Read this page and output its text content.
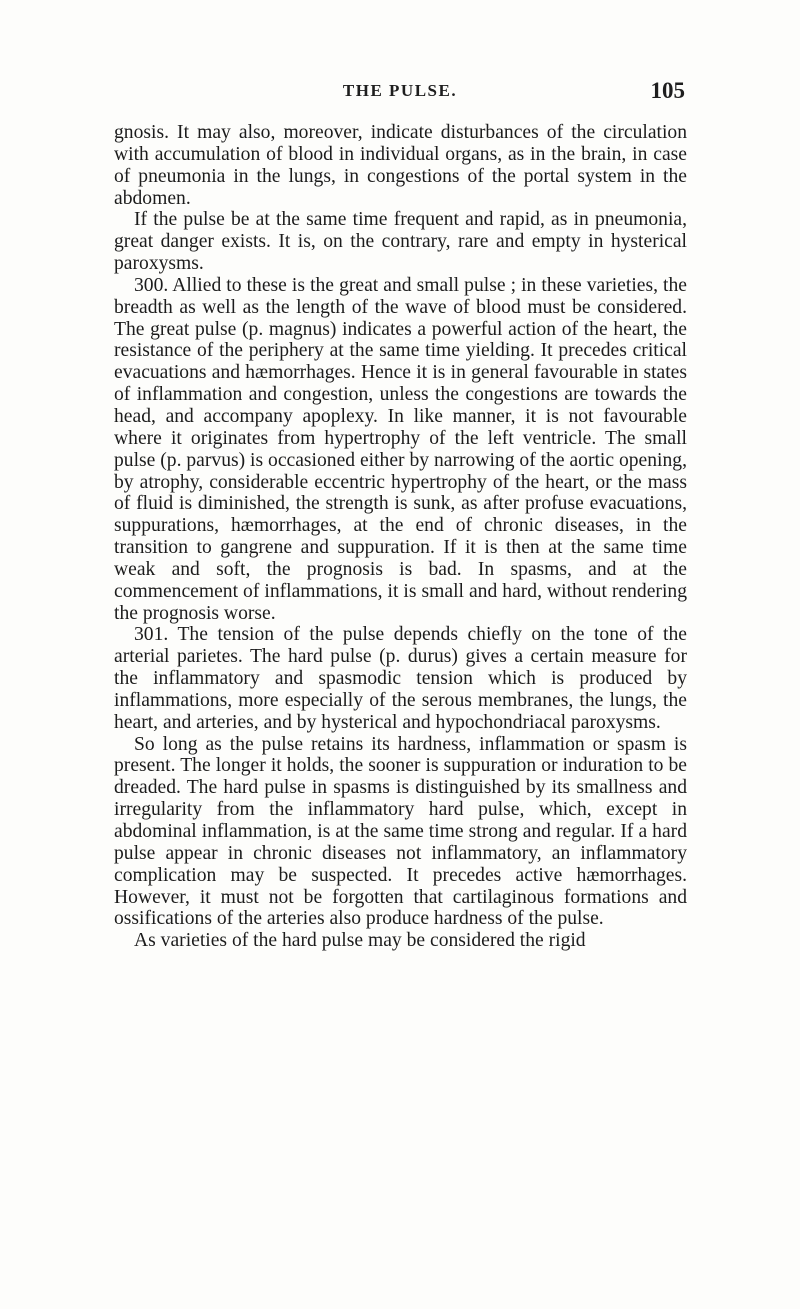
THE PULSE.	105

gnosis. It may also, moreover, indicate disturbances of the circulation with accumulation of blood in individual organs, as in the brain, in case of pneumonia in the lungs, in congestions of the portal system in the abdomen.

If the pulse be at the same time frequent and rapid, as in pneumonia, great danger exists. It is, on the contrary, rare and empty in hysterical paroxysms.

300. Allied to these is the great and small pulse ; in these varieties, the breadth as well as the length of the wave of blood must be considered. The great pulse (p. magnus) indicates a powerful action of the heart, the resistance of the periphery at the same time yielding. It precedes critical evacuations and hæmorrhages. Hence it is in general favourable in states of inflammation and congestion, unless the congestions are towards the head, and accompany apoplexy. In like manner, it is not favourable where it originates from hypertrophy of the left ventricle. The small pulse (p. parvus) is occasioned either by narrowing of the aortic opening, by atrophy, considerable eccentric hypertrophy of the heart, or the mass of fluid is diminished, the strength is sunk, as after profuse evacuations, suppurations, hæmorrhages, at the end of chronic diseases, in the transition to gangrene and suppuration. If it is then at the same time weak and soft, the prognosis is bad. In spasms, and at the commencement of inflammations, it is small and hard, without rendering the prognosis worse.

301. The tension of the pulse depends chiefly on the tone of the arterial parietes. The hard pulse (p. durus) gives a certain measure for the inflammatory and spasmodic tension which is produced by inflammations, more especially of the serous membranes, the lungs, the heart, and arteries, and by hysterical and hypochondriacal paroxysms.

So long as the pulse retains its hardness, inflammation or spasm is present. The longer it holds, the sooner is suppuration or induration to be dreaded. The hard pulse in spasms is distinguished by its smallness and irregularity from the inflammatory hard pulse, which, except in abdominal inflammation, is at the same time strong and regular. If a hard pulse appear in chronic diseases not inflammatory, an inflammatory complication may be suspected. It precedes active hæmorrhages. However, it must not be forgotten that cartilaginous formations and ossifications of the arteries also produce hardness of the pulse.

As varieties of the hard pulse may be considered the rigid
